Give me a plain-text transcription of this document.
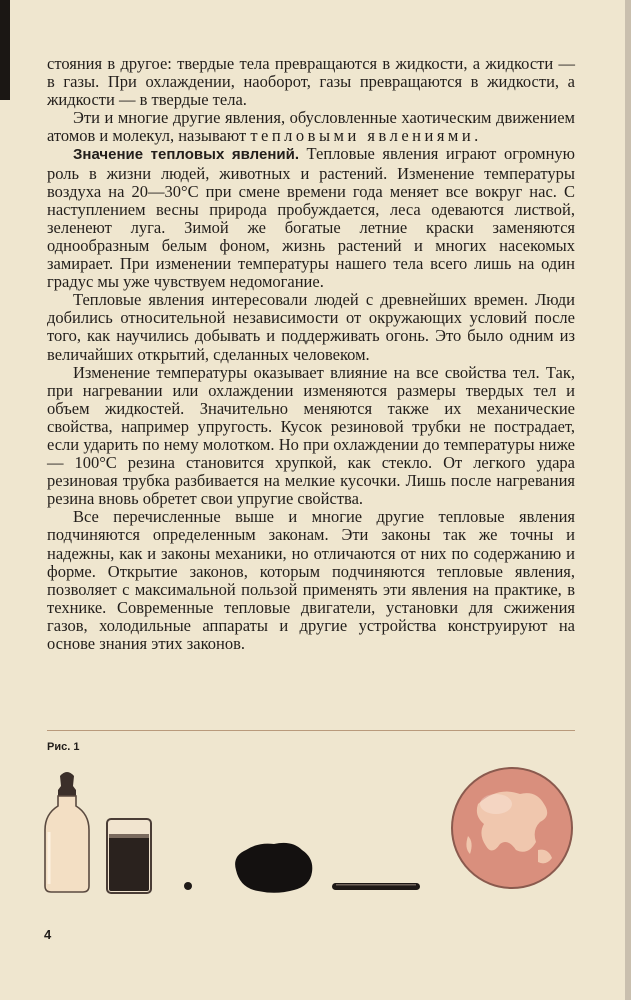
стояния в другое: твердые тела превращаются в жидкости, а жидкости — в газы. При охлаждении, наоборот, газы превращаются в жидкости, а жидкости — в твердые тела.

Эти и многие другие явления, обусловленные хаотическим движением атомов и молекул, называют тепловыми явлениями.

Значение тепловых явлений. Тепловые явления играют огромную роль в жизни людей, животных и растений. Изменение температуры воздуха на 20—30°С при смене времени года меняет все вокруг нас. С наступлением весны природа пробуждается, леса одеваются листвой, зеленеют луга. Зимой же богатые летние краски заменяются однообразным белым фоном, жизнь растений и многих насекомых замирает. При изменении температуры нашего тела всего лишь на один градус мы уже чувствуем недомогание.

Тепловые явления интересовали людей с древнейших времен. Люди добились относительной независимости от окружающих условий после того, как научились добывать и поддерживать огонь. Это было одним из величайших открытий, сделанных человеком.

Изменение температуры оказывает влияние на все свойства тел. Так, при нагревании или охлаждении изменяются размеры твердых тел и объем жидкостей. Значительно меняются также их механические свойства, например упругость. Кусок резиновой трубки не пострадает, если ударить по нему молотком. Но при охлаждении до температуры ниже — 100°С резина становится хрупкой, как стекло. От легкого удара резиновая трубка разбивается на мелкие кусочки. Лишь после нагревания резина вновь обретет свои упругие свойства.

Все перечисленные выше и многие другие тепловые явления подчиняются определенным законам. Эти законы так же точны и надежны, как и законы механики, но отличаются от них по содержанию и форме. Открытие законов, которым подчиняются тепловые явления, позволяет с максимальной пользой применять эти явления на практике, в технике. Современные тепловые двигатели, установки для сжижения газов, холодильные аппараты и другие устройства конструируют на основе знания этих законов.

Рис. 1
4
